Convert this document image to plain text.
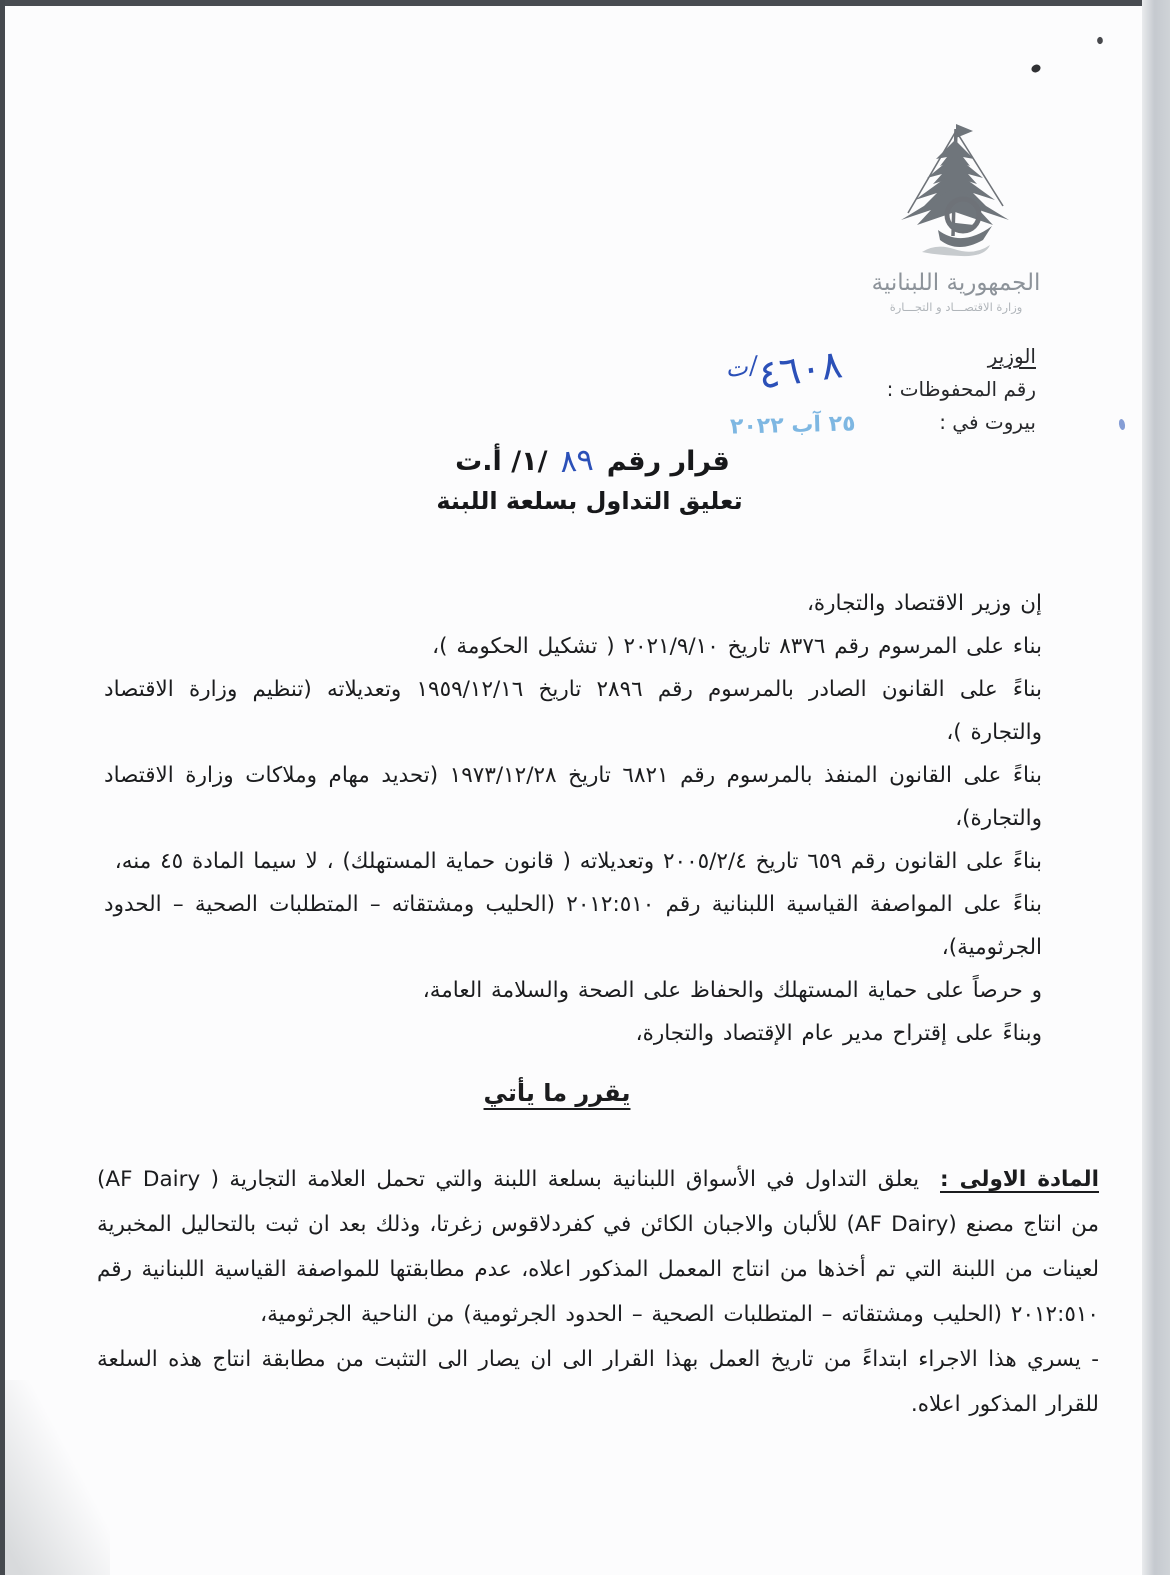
الجمهورية اللبنانية
وزارة الاقتصـــاد و التجـــارة
الوزير
رقم المحفوظات :
ت/
٤٦٠٨
بيروت في :
٢٥ آب ٢٠٢٢
قرار رقم
٨٩
/١/ أ.ت
تعليق التداول بسلعة اللبنة

إن وزير الاقتصاد والتجارة،

بناء على المرسوم رقم ٨٣٧٦ تاريخ ٢٠٢١/٩/١٠ ( تشكيل الحكومة )،

بناءً على القانون الصادر بالمرسوم رقم ٢٨٩٦ تاريخ ١٩٥٩/١٢/١٦ وتعديلاته (تنظيم وزارة الاقتصاد والتجارة )،

بناءً على القانون المنفذ بالمرسوم رقم ٦٨٢١ تاريخ ١٩٧٣/١٢/٢٨ (تحديد مهام وملاكات وزارة الاقتصاد والتجارة)،

بناءً على القانون رقم ٦٥٩ تاريخ ٢٠٠٥/٢/٤ وتعديلاته ( قانون حماية المستهلك) ، لا سيما المادة ٤٥ منه،

بناءً على المواصفة القياسية اللبنانية رقم ٢٠١٢:٥١٠ (الحليب ومشتقاته – المتطلبات الصحية – الحدود الجرثومية)،

و حرصاً على حماية المستهلك والحفاظ على الصحة والسلامة العامة،

وبناءً على إقتراح مدير عام الإقتصاد والتجارة،

يقرر ما يأتي

المادة الاولى :  يعلق التداول في الأسواق اللبنانية بسلعة اللبنة والتي تحمل العلامة التجارية ( AF Dairy) من انتاج مصنع (AF Dairy) للألبان والاجبان الكائن في كفردلاقوس زغرتا، وذلك بعد ان ثبت بالتحاليل المخبرية لعينات من اللبنة التي تم أخذها من انتاج المعمل المذكور اعلاه، عدم مطابقتها للمواصفة القياسية اللبنانية رقم ٢٠١٢:٥١٠ (الحليب ومشتقاته – المتطلبات الصحية – الحدود الجرثومية) من الناحية الجرثومية،

- يسري هذا الاجراء ابتداءً من تاريخ العمل بهذا القرار الى ان يصار الى التثبت من مطابقة انتاج هذه السلعة للقرار المذكور اعلاه.
